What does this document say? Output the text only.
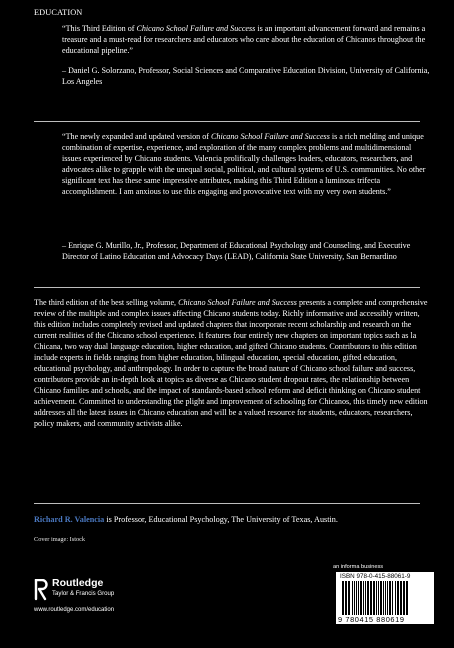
EDUCATION

“This Third Edition of Chicano School Failure and Success is an important advancement forward and remains a treasure and a must-read for researchers and educators who care about the education of Chicanos throughout the educational pipeline.”

– Daniel G. Solorzano, Professor, Social Sciences and Comparative Education Division, University of California, Los Angeles

“The newly expanded and updated version of Chicano School Failure and Success is a rich melding and unique combination of expertise, experience, and exploration of the many complex problems and multidimensional issues experienced by Chicano students. Valencia prolifically challenges leaders, educators, researchers, and advocates alike to grapple with the unequal social, political, and cultural systems of U.S. communities. No other significant text has these same impressive attributes, making this Third Edition a luminous trifecta accomplishment. I am anxious to use this engaging and provocative text with my very own students.”

– Enrique G. Murillo, Jr., Professor, Department of Educational Psychology and Counseling, and Executive Director of Latino Education and Advocacy Days (LEAD), California State University, San Bernardino

The third edition of the best selling volume, Chicano School Failure and Success presents a complete and comprehensive review of the multiple and complex issues affecting Chicano students today. Richly informative and accessibly written, this edition includes completely revised and updated chapters that incorporate recent scholarship and research on the current realities of the Chicano school experience. It features four entirely new chapters on important topics such as la Chicana, two way dual language education, higher education, and gifted Chicano students. Contributors to this edition include experts in fields ranging from higher education, bilingual education, special education, gifted education, educational psychology, and anthropology. In order to capture the broad nature of Chicano school failure and success, contributors provide an in-depth look at topics as diverse as Chicano student dropout rates, the relationship between Chicano families and schools, and the impact of standards-based school reform and deficit thinking on Chicano student achievement. Committed to understanding the plight and improvement of schooling for Chicanos, this timely new edition addresses all the latest issues in Chicano education and will be a valued resource for students, educators, researchers, policy makers, and community activists alike.

Richard R. Valencia is Professor, Educational Psychology, The University of Texas, Austin.
Cover image: Istock
Routledge
Taylor & Francis Group
www.routledge.com/education
an informa business
ISBN 978-0-415-88061-9
9 780415 880619
